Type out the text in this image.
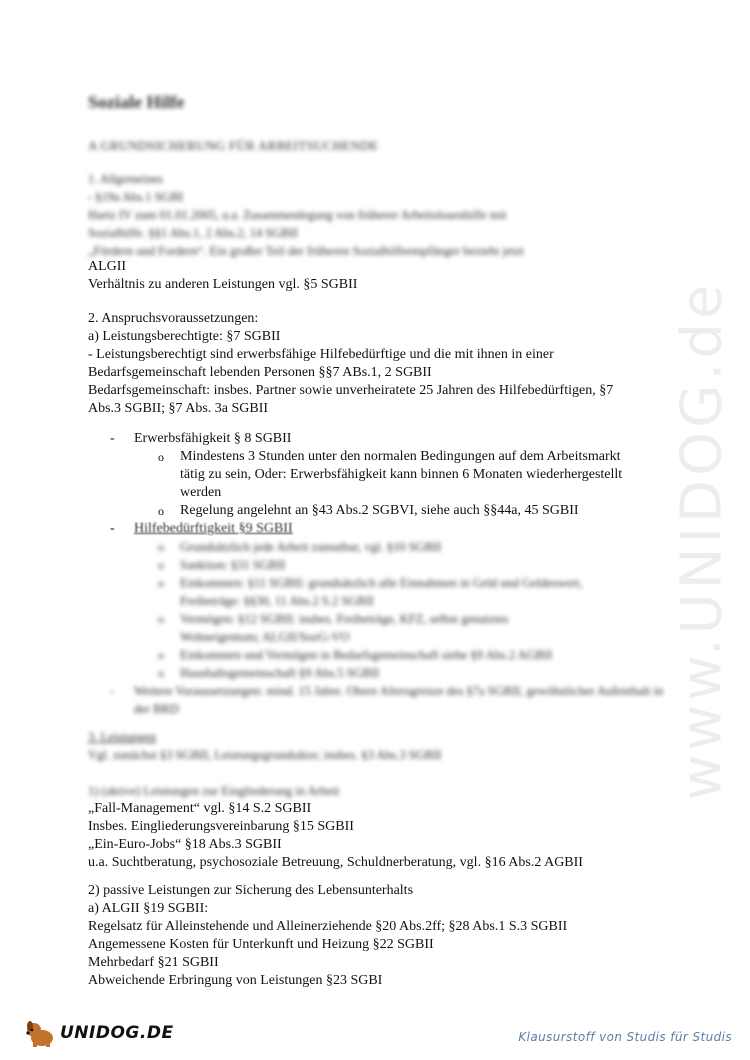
www.UNIDOG.de
Soziale Hilfe
A GRUNDSICHERUNG FÜR ARBEITSUCHENDE

1. Allgemeines

- §19a Abs.1 SGBI

Hartz IV zum 01.01.2005, u.a. Zusammenlegung von früherer Arbeitslosenhilfe mit

Sozialhilfe. §§1 Abs.1, 2 Abs.2, 14 SGBII

„Fördern und Fordern“. Ein großer Teil der früheren Sozialhilfeempfänger bezieht jetzt

ALGII

Verhältnis zu anderen Leistungen vgl. §5 SGBII

2. Anspruchsvoraussetzungen:

a) Leistungsberechtigte: §7 SGBII

- Leistungsberechtigt sind erwerbsfähige Hilfebedürftige und die mit ihnen in einer

Bedarfsgemeinschaft lebenden Personen §§7 ABs.1, 2 SGBII

Bedarfsgemeinschaft: insbes. Partner sowie unverheiratete 25 Jahren des Hilfebedürftigen, §7

Abs.3 SGBII; §7 Abs. 3a SGBII

- Erwerbsfähigkeit § 8 SGBII
o Mindestens 3 Stunden unter den normalen Bedingungen auf dem Arbeitsmarkt tätig zu sein, Oder: Erwerbsfähigkeit kann binnen 6 Monaten wiederhergestellt werden
o Regelung angelehnt an §43 Abs.2 SGBVI, siehe auch §§44a, 45 SGBII
- Hilfebedürftigkeit §9 SGBII
o Grundsätzlich jede Arbeit zumutbar, vgl. §10 SGBII
o Sanktion: §31 SGBII
o Einkommen: §11 SGBII: grundsätzlich alle Einnahmen in Geld und Geldeswert, Freibeträge: §§30, 11 Abs.2 S.2 SGBII
o Vermögen: §12 SGBII: insbes. Freibeträge, KFZ, selbst genutztes Wohneigentum; ALGII/SozG-VO
o Einkommen und Vermögen in Bedarfsgemeinschaft siehe §9 Abs.2 AGBII
o Haushaltsgemeinschaft §9 Abs.5 SGBII
- Weitere Voraussetzungen: mind. 15 Jahre. Obere Altersgrenze des §7a SGBII, gewöhnlicher Aufenthalt in der BRD

3. Leistungen

Vgl. zunächst §3 SGBII, Leistungsgrundsätze; insbes. §3 Abs.3 SGBII

1) (aktive) Leistungen zur Eingliederung in Arbeit

„Fall-Management“ vgl. §14 S.2 SGBII

Insbes. Eingliederungsvereinbarung §15 SGBII

„Ein-Euro-Jobs“ §18 Abs.3 SGBII

u.a. Suchtberatung, psychosoziale Betreuung, Schuldnerberatung, vgl. §16 Abs.2 AGBII

2) passive Leistungen zur Sicherung des Lebensunterhalts

a) ALGII §19 SGBII:

Regelsatz für Alleinstehende und Alleinerziehende §20 Abs.2ff; §28 Abs.1 S.3 SGBII

Angemessene Kosten für Unterkunft und Heizung §22 SGBII

Mehrbedarf §21 SGBII

Abweichende Erbringung von Leistungen §23 SGBI

UNIDOG.DE	Klausurstoff von Studis für Studis
